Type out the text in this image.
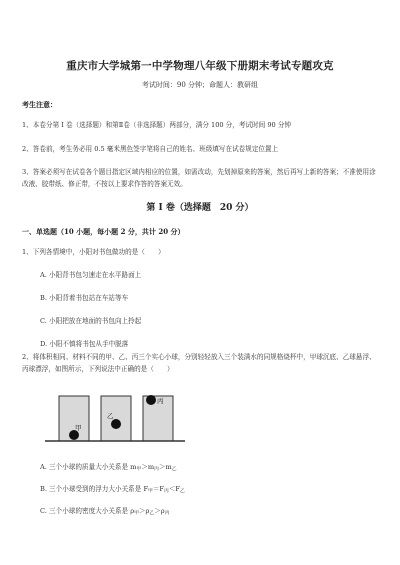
重庆市大学城第一中学物理八年级下册期末考试专题攻克
考试时间：90 分钟；命题人：教研组
考生注意：
1、本卷分第 I 卷（选择题）和第Ⅱ卷（非选择题）两部分，满分 100 分，考试时间 90 分钟
2、答卷前，考生务必用 0.5 毫米黑色签字笔将自己的姓名、班级填写在试卷规定位置上
3、答案必须写在试卷各个题目指定区域内相应的位置，如需改动，先划掉原来的答案，然后再写上新的答案；不准使用涂改液、胶带纸、修正带，不按以上要求作答的答案无效。
第 I 卷（选择题　20 分）
一、单选题（10 小题，每小题 2 分，共计 20 分）
1、下列各情境中，小阳对书包做功的是（　　）
A. 小阳背书包匀速走在水平路面上
B. 小阳背着书包站在车站等车
C. 小阳把放在地面的书包向上拎起
D. 小阳不慎将书包从手中脱落
2、将体积相同、材料不同的甲、乙、丙三个实心小球，分别轻轻放入三个装满水的同规格烧杯中，甲球沉底、乙球悬浮、丙球漂浮，如图所示，下列说法中正确的是（　　）
甲
乙
丙
A. 三个小球的质量大小关系是 $m_甲>m_丙>m_乙$
B. 三个小球受到的浮力大小关系是 $F_甲=F_丙<F_乙$
C. 三个小球的密度大小关系是 $\rho_甲>\rho_乙>\rho_丙$
